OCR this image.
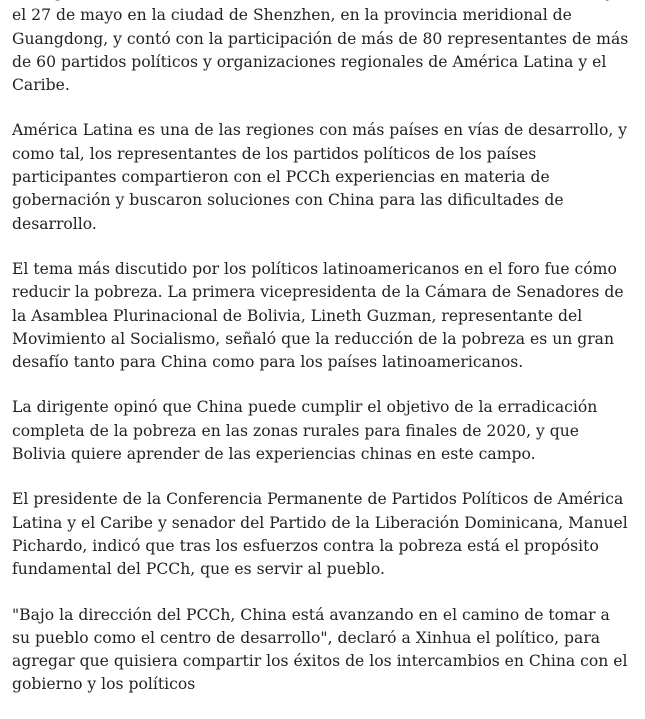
el 27 de mayo en la ciudad de Shenzhen, en la provincia meridional de Guangdong, y contó con la participación de más de 80 representantes de más de 60 partidos políticos y organizaciones regionales de América Latina y el Caribe.

América Latina es una de las regiones con más países en vías de desarrollo, y como tal, los representantes de los partidos políticos de los países participantes compartieron con el PCCh experiencias en materia de gobernación y buscaron soluciones con China para las dificultades de desarrollo.

El tema más discutido por los políticos latinoamericanos en el foro fue cómo reducir la pobreza. La primera vicepresidenta de la Cámara de Senadores de la Asamblea Plurinacional de Bolivia, Lineth Guzman, representante del Movimiento al Socialismo, señaló que la reducción de la pobreza es un gran desafío tanto para China como para los países latinoamericanos.

La dirigente opinó que China puede cumplir el objetivo de la erradicación completa de la pobreza en las zonas rurales para finales de 2020, y que Bolivia quiere aprender de las experiencias chinas en este campo.

El presidente de la Conferencia Permanente de Partidos Políticos de América Latina y el Caribe y senador del Partido de la Liberación Dominicana, Manuel Pichardo, indicó que tras los esfuerzos contra la pobreza está el propósito fundamental del PCCh, que es servir al pueblo.

"Bajo la dirección del PCCh, China está avanzando en el camino de tomar a su pueblo como el centro de desarrollo", declaró a Xinhua el político, para agregar que quisiera compartir los éxitos de los intercambios en China con el gobierno y los políticos
